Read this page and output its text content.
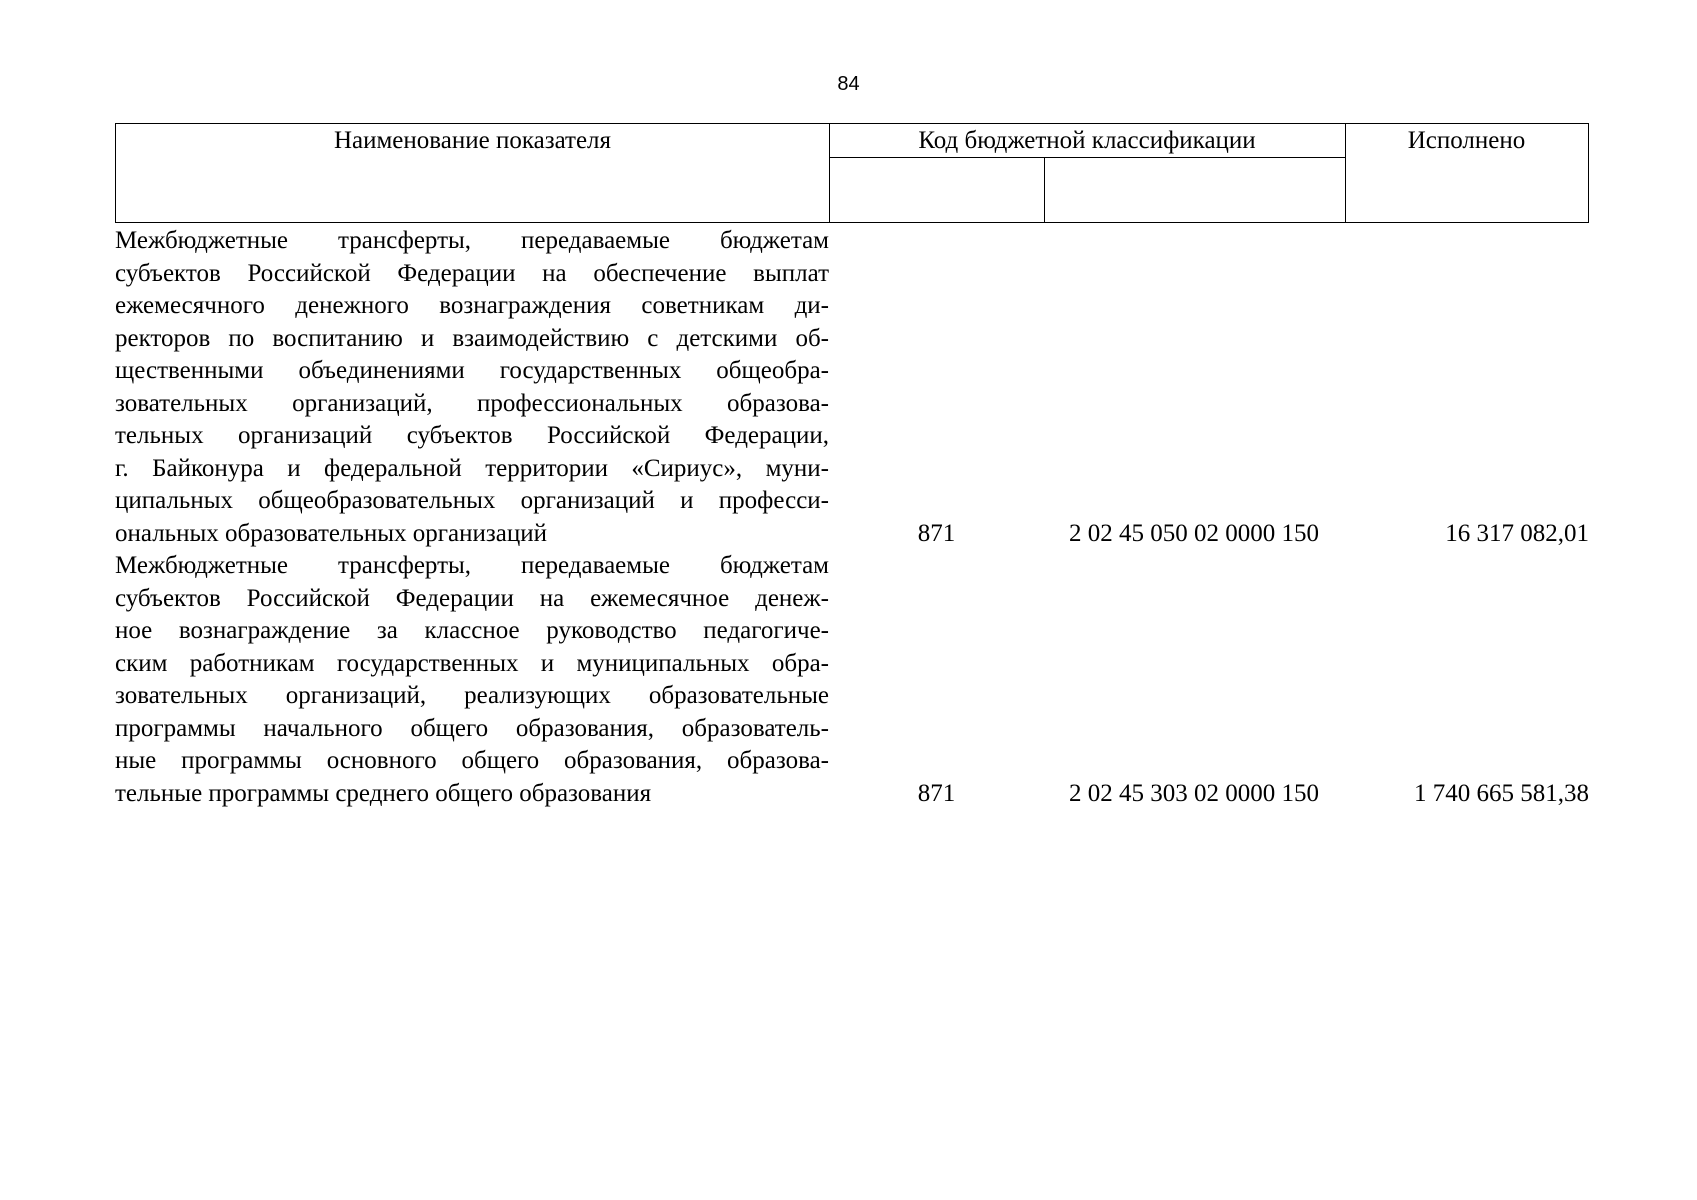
84
Наименование показателя	Код бюджетной классификации	Исполнено
Межбюджетные трансферты, передаваемые бюджетам
субъектов Российской Федерации на обеспечение выплат
ежемесячного денежного вознаграждения советникам ди-
ректоров по воспитанию и взаимодействию с детскими об-
щественными объединениями государственных общеобра-
зовательных организаций, профессиональных образова-
тельных организаций субъектов Российской Федерации,
г. Байконура и федеральной территории «Сириус», муни-
ципальных общеобразовательных организаций и професси-
ональных образовательных организаций	871	2 02 45 050 02 0000 150	16 317 082,01
Межбюджетные трансферты, передаваемые бюджетам
субъектов Российской Федерации на ежемесячное денеж-
ное вознаграждение за классное руководство педагогиче-
ским работникам государственных и муниципальных обра-
зовательных организаций, реализующих образовательные
программы начального общего образования, образователь-
ные программы основного общего образования, образова-
тельные программы среднего общего образования	871	2 02 45 303 02 0000 150	1 740 665 581,38
